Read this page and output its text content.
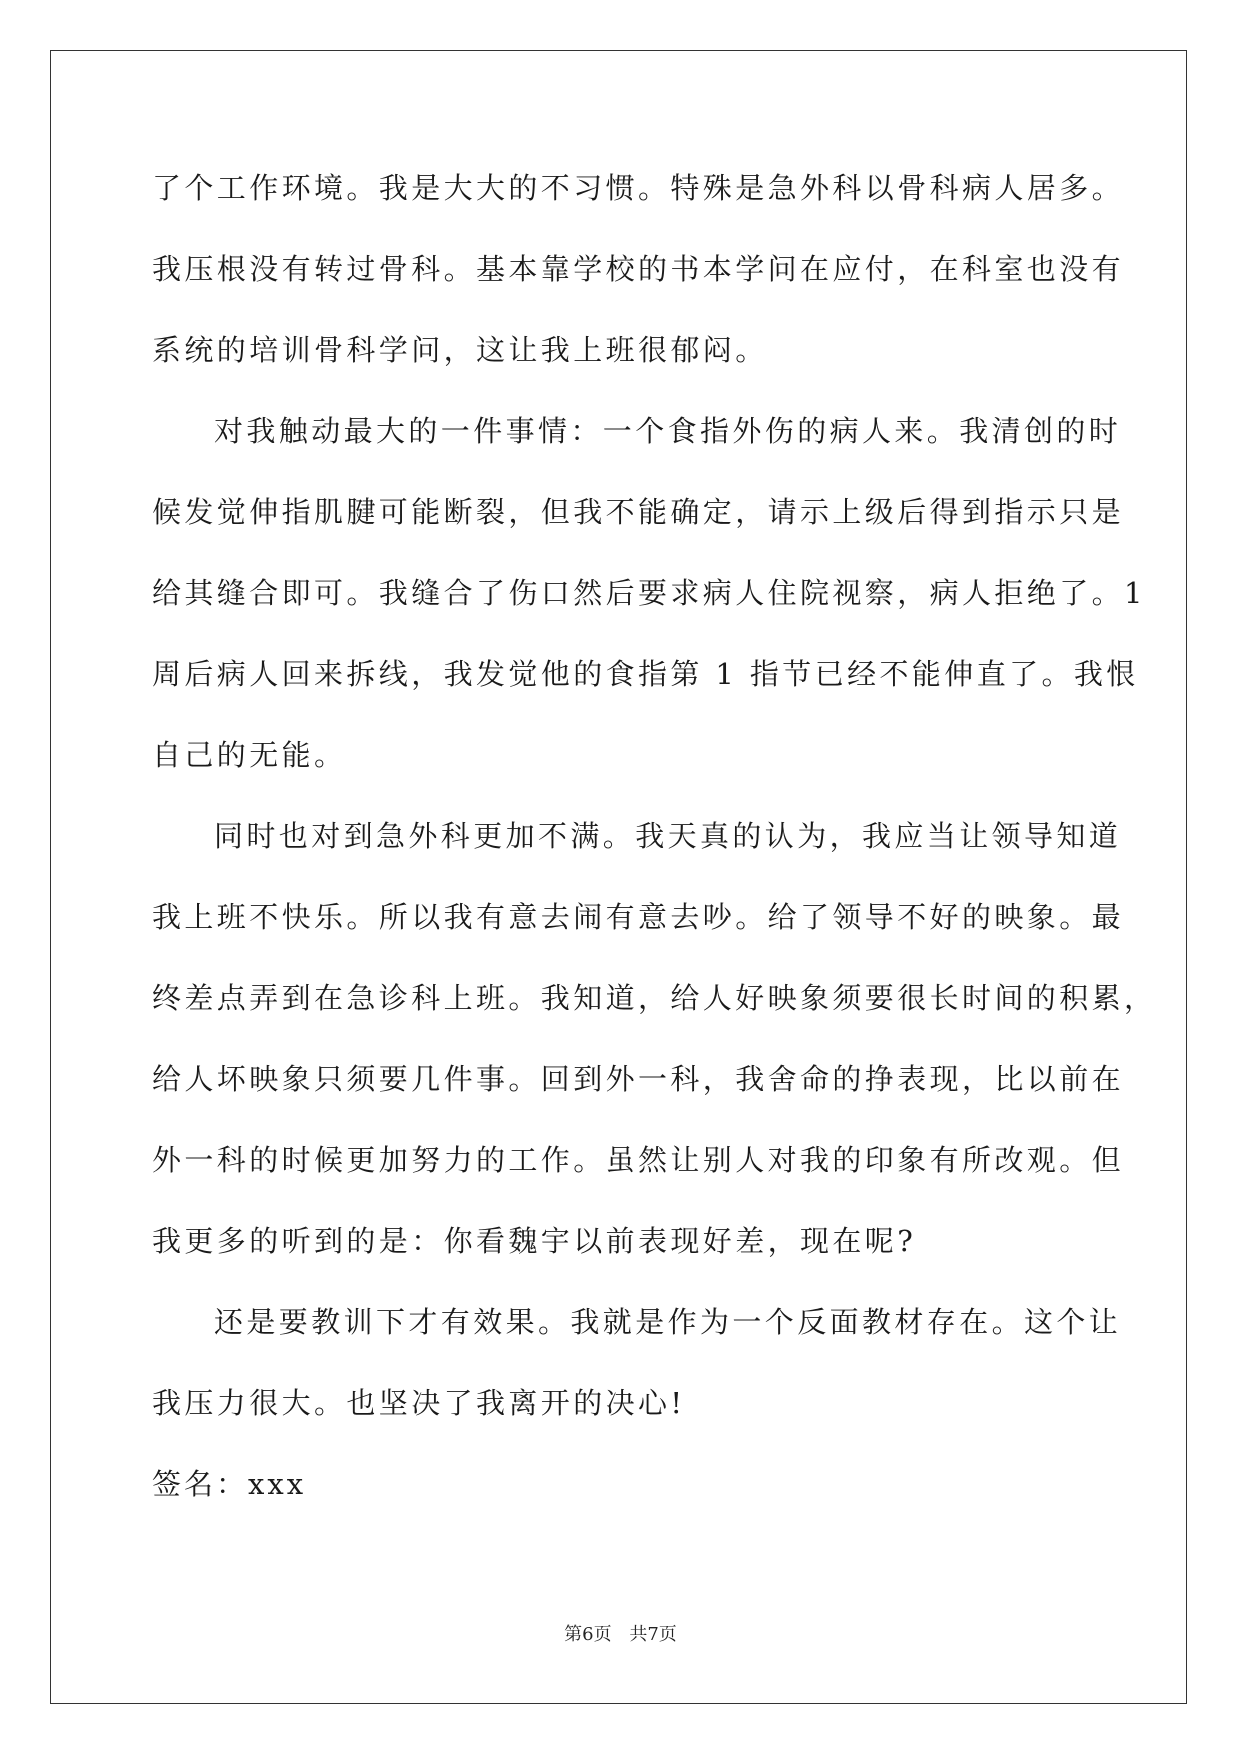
了个工作环境。我是大大的不习惯。特殊是急外科以骨科病人居多。
我压根没有转过骨科。基本靠学校的书本学问在应付，在科室也没有
系统的培训骨科学问，这让我上班很郁闷。
对我触动最大的一件事情：一个食指外伤的病人来。我清创的时
候发觉伸指肌腱可能断裂，但我不能确定，请示上级后得到指示只是
给其缝合即可。我缝合了伤口然后要求病人住院视察，病人拒绝了。1
周后病人回来拆线，我发觉他的食指第 1 指节已经不能伸直了。我恨
自己的无能。
同时也对到急外科更加不满。我天真的认为，我应当让领导知道
我上班不快乐。所以我有意去闹有意去吵。给了领导不好的映象。最
终差点弄到在急诊科上班。我知道，给人好映象须要很长时间的积累，
给人坏映象只须要几件事。回到外一科，我舍命的挣表现，比以前在
外一科的时候更加努力的工作。虽然让别人对我的印象有所改观。但
我更多的听到的是：你看魏宇以前表现好差，现在呢?
还是要教训下才有效果。我就是作为一个反面教材存在。这个让
我压力很大。也坚决了我离开的决心!
签名：xxx
第6页 共7页
